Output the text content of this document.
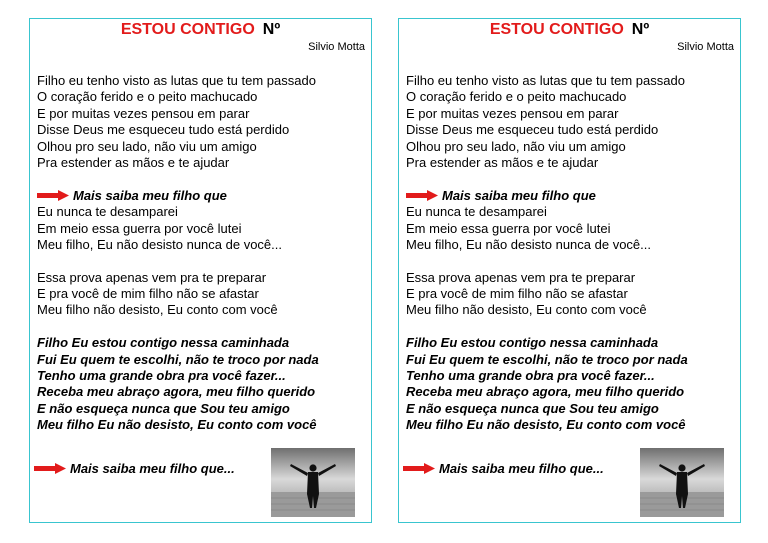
ESTOU CONTIGO Nº
Silvio Motta
Filho eu tenho visto as lutas que tu tem passado
O coração ferido e o peito machucado
E por muitas vezes pensou em parar
Disse Deus me esqueceu tudo está perdido
Olhou pro seu lado, não viu um amigo
Pra estender as mãos e te ajudar
Mais saiba meu filho que
Eu nunca te desamparei
Em meio essa guerra por você lutei
Meu filho, Eu não desisto nunca de você...
Essa prova apenas vem pra te preparar
E pra você de mim filho não se afastar
Meu filho não desisto, Eu conto com você
Filho Eu estou contigo nessa caminhada
Fui Eu quem te escolhi, não te troco por nada
Tenho uma grande obra pra você fazer...
Receba meu abraço agora, meu filho querido
E não esqueça nunca que Sou teu amigo
Meu filho Eu não desisto, Eu conto com você
Mais saiba meu filho que...
ESTOU CONTIGO Nº
Silvio Motta
Filho eu tenho visto as lutas que tu tem passado
O coração ferido e o peito machucado
E por muitas vezes pensou em parar
Disse Deus me esqueceu tudo está perdido
Olhou pro seu lado, não viu um amigo
Pra estender as mãos e te ajudar
Mais saiba meu filho que
Eu nunca te desamparei
Em meio essa guerra por você lutei
Meu filho, Eu não desisto nunca de você...
Essa prova apenas vem pra te preparar
E pra você de mim filho não se afastar
Meu filho não desisto, Eu conto com você
Filho Eu estou contigo nessa caminhada
Fui Eu quem te escolhi, não te troco por nada
Tenho uma grande obra pra você fazer...
Receba meu abraço agora, meu filho querido
E não esqueça nunca que Sou teu amigo
Meu filho Eu não desisto, Eu conto com você
Mais saiba meu filho que...
